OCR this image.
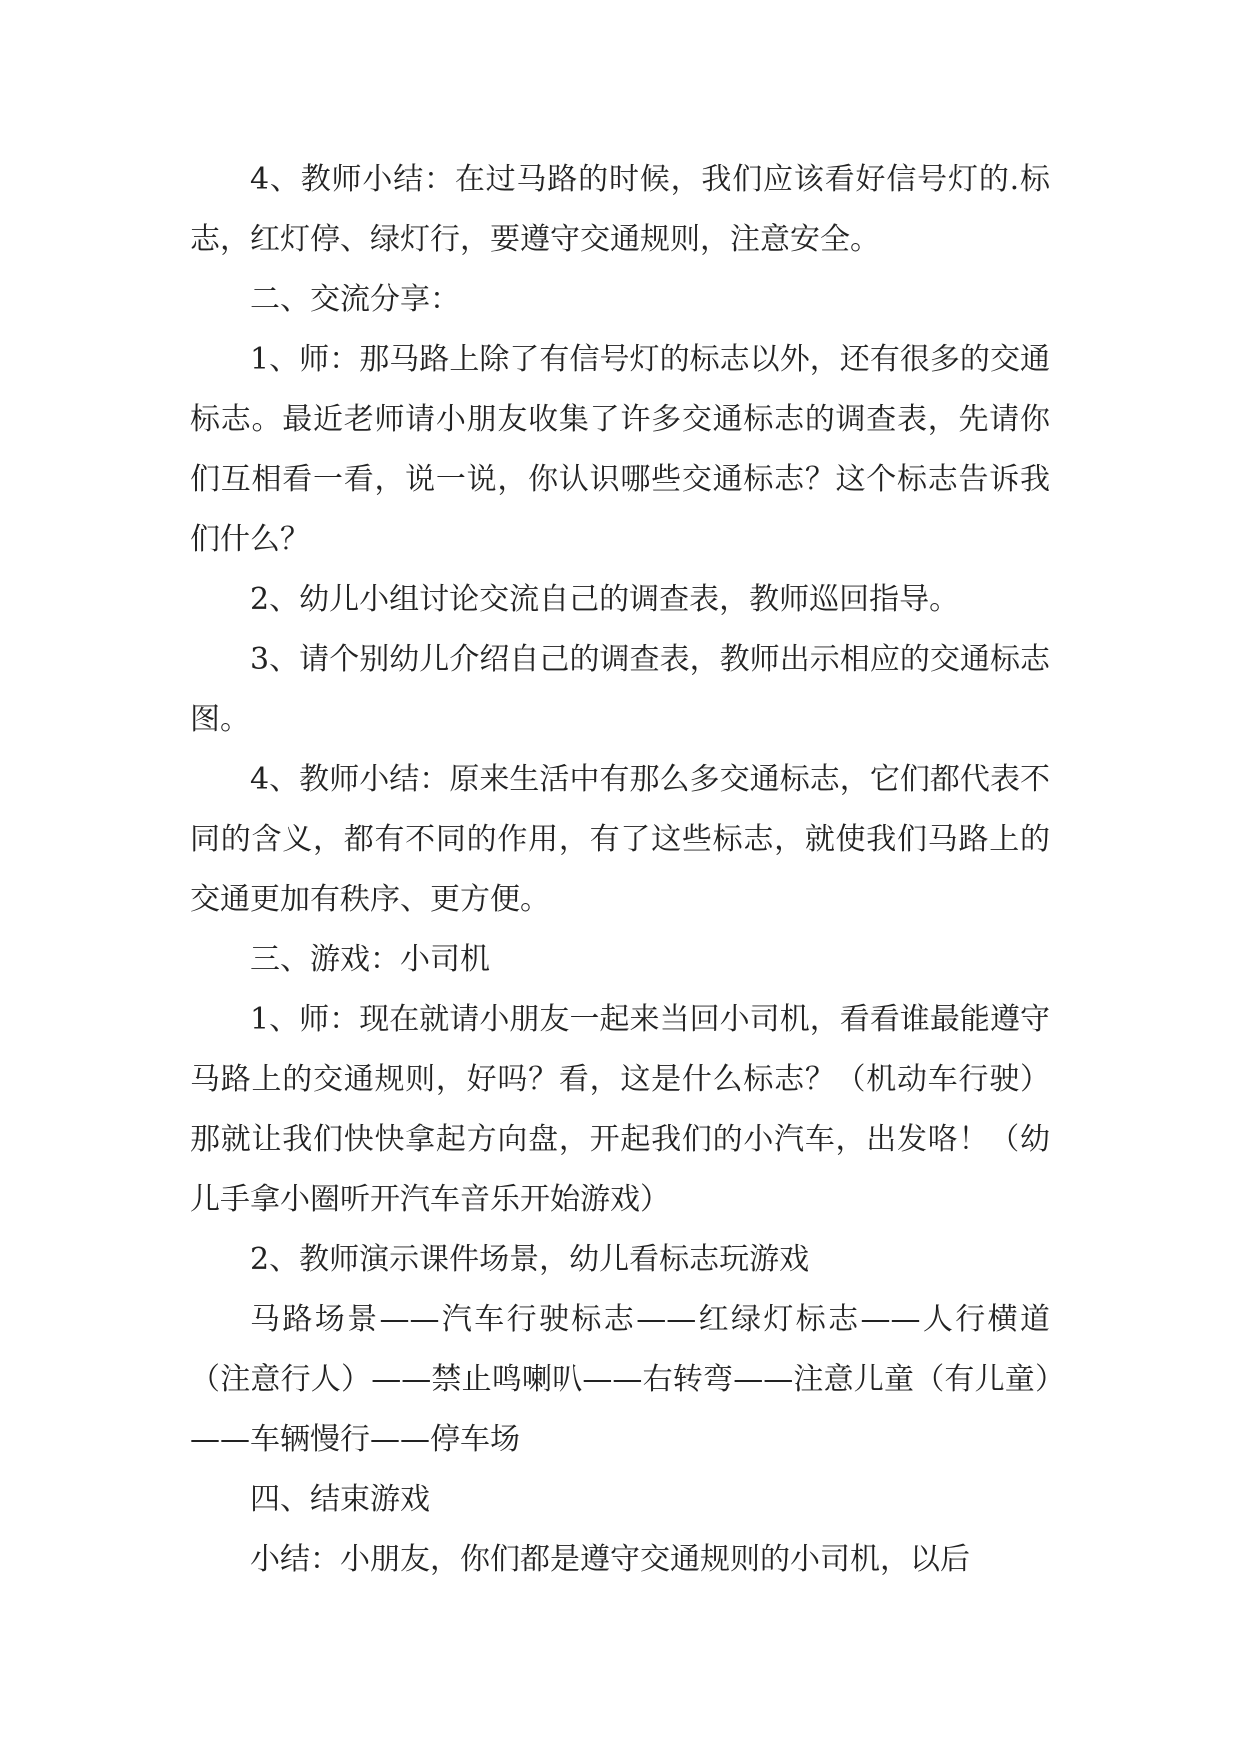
4、教师小结：在过马路的时候，我们应该看好信号灯的.标志，红灯停、绿灯行，要遵守交通规则，注意安全。

二、交流分享：

1、师：那马路上除了有信号灯的标志以外，还有很多的交通标志。最近老师请小朋友收集了许多交通标志的调查表，先请你们互相看一看，说一说，你认识哪些交通标志？这个标志告诉我们什么？

2、幼儿小组讨论交流自己的调查表，教师巡回指导。

3、请个别幼儿介绍自己的调查表，教师出示相应的交通标志图。

4、教师小结：原来生活中有那么多交通标志，它们都代表不同的含义，都有不同的作用，有了这些标志，就使我们马路上的交通更加有秩序、更方便。

三、游戏：小司机

1、师：现在就请小朋友一起来当回小司机，看看谁最能遵守马路上的交通规则，好吗？看，这是什么标志？（机动车行驶）那就让我们快快拿起方向盘，开起我们的小汽车，出发咯！（幼儿手拿小圈听开汽车音乐开始游戏）

2、教师演示课件场景，幼儿看标志玩游戏

马路场景——汽车行驶标志——红绿灯标志——人行横道（注意行人）——禁止鸣喇叭——右转弯——注意儿童（有儿童）——车辆慢行——停车场

四、结束游戏

小结：小朋友，你们都是遵守交通规则的小司机，以后
